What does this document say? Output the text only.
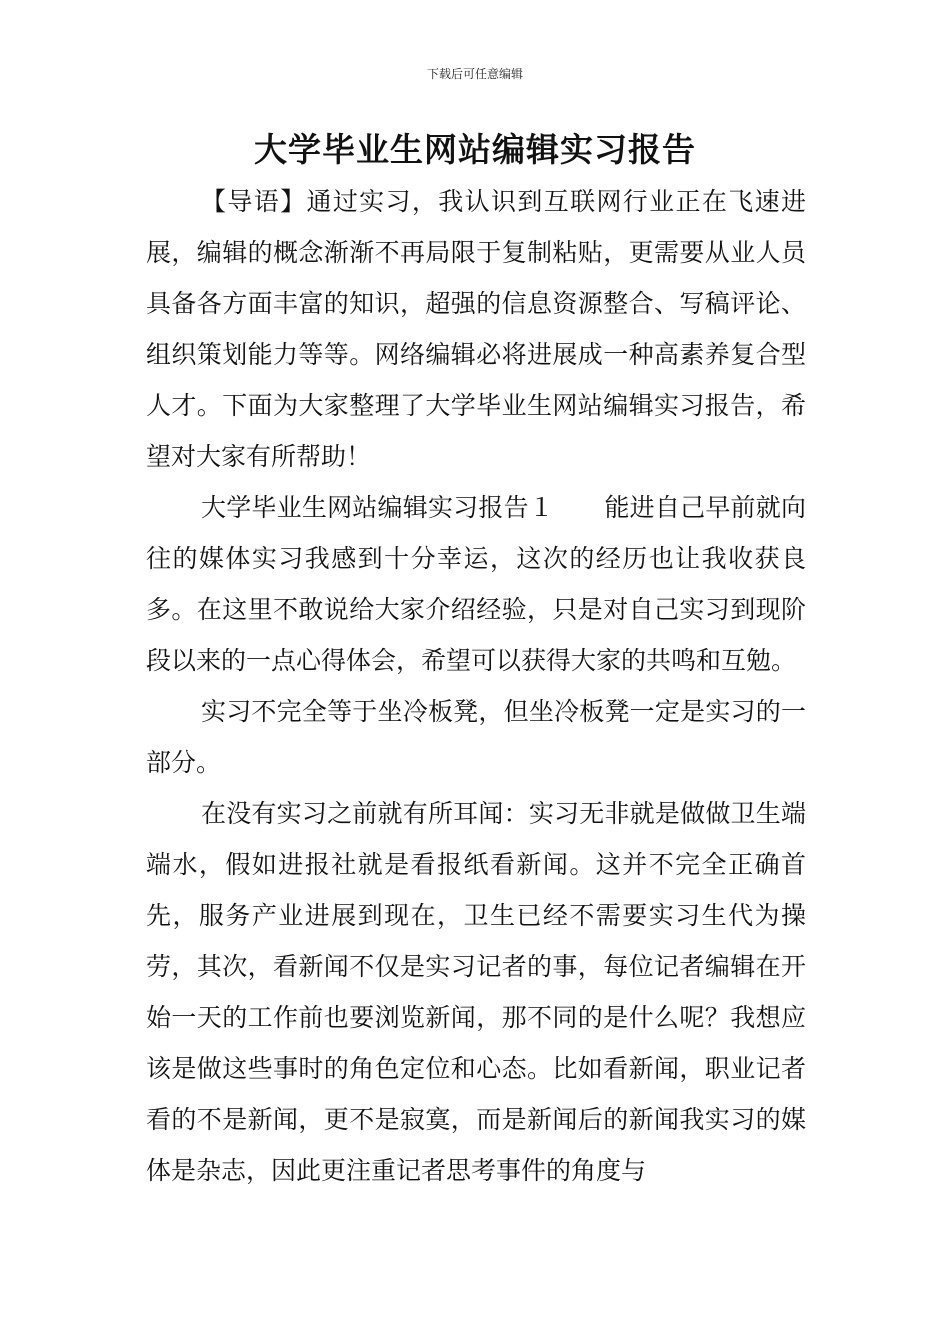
下载后可任意编辑
大学毕业生网站编辑实习报告

【导语】通过实习，我认识到互联网行业正在飞速进展，编辑的概念渐渐不再局限于复制粘贴，更需要从业人员具备各方面丰富的知识，超强的信息资源整合、写稿评论、组织策划能力等等。网络编辑必将进展成一种高素养复合型人才。下面为大家整理了大学毕业生网站编辑实习报告，希望对大家有所帮助！

大学毕业生网站编辑实习报告１　　能进自己早前就向往的媒体实习我感到十分幸运，这次的经历也让我收获良多。在这里不敢说给大家介绍经验，只是对自己实习到现阶段以来的一点心得体会，希望可以获得大家的共鸣和互勉。

实习不完全等于坐冷板凳，但坐冷板凳一定是实习的一部分。

在没有实习之前就有所耳闻：实习无非就是做做卫生端端水，假如进报社就是看报纸看新闻。这并不完全正确首先，服务产业进展到现在，卫生已经不需要实习生代为操劳，其次，看新闻不仅是实习记者的事，每位记者编辑在开始一天的工作前也要浏览新闻，那不同的是什么呢？我想应该是做这些事时的角色定位和心态。比如看新闻，职业记者看的不是新闻，更不是寂寞，而是新闻后的新闻我实习的媒体是杂志，因此更注重记者思考事件的角度与
